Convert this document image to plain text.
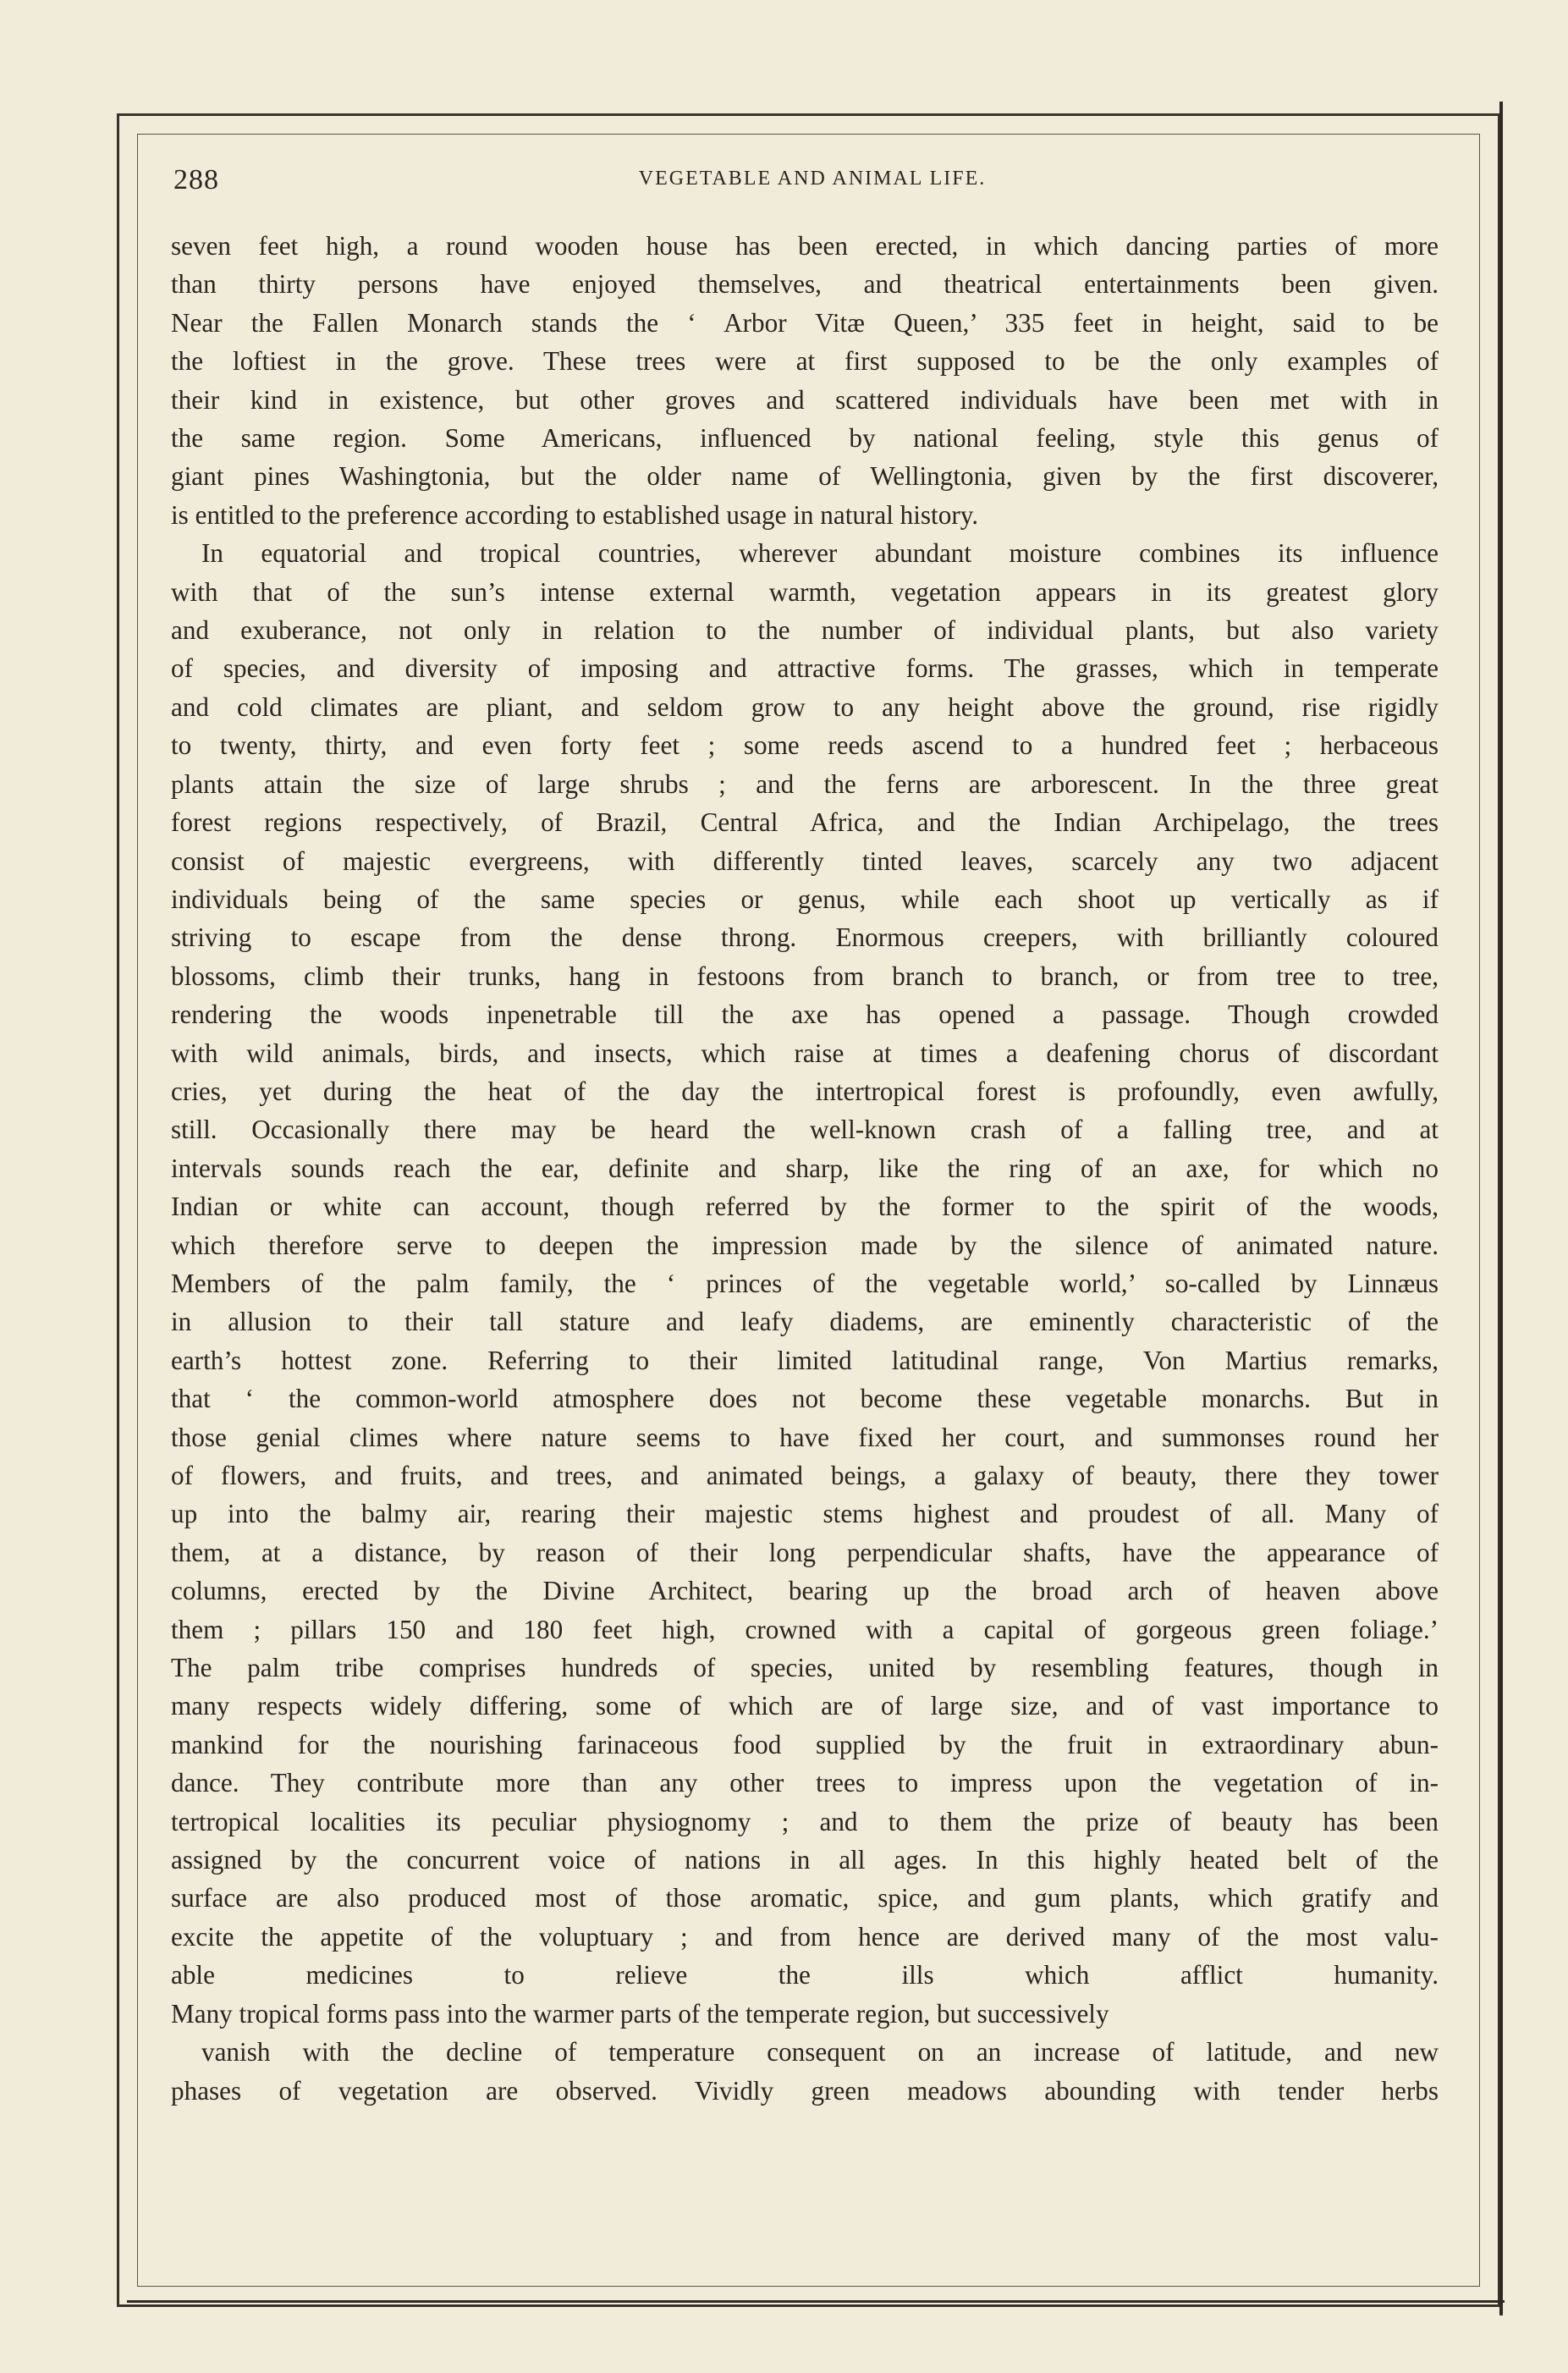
288	VEGETABLE AND ANIMAL LIFE.
seven feet high, a round wooden house has been erected, in which dancing parties of more
than thirty persons have enjoyed themselves, and theatrical entertainments been given.
Near the Fallen Monarch stands the ‘ Arbor Vitæ Queen,’ 335 feet in height, said to be
the loftiest in the grove. These trees were at first supposed to be the only examples of
their kind in existence, but other groves and scattered individuals have been met with in
the same region. Some Americans, influenced by national feeling, style this genus of
giant pines Washingtonia, but the older name of Wellingtonia, given by the first discoverer,
is entitled to the preference according to established usage in natural history.
In equatorial and tropical countries, wherever abundant moisture combines its influence
with that of the sun’s intense external warmth, vegetation appears in its greatest glory
and exuberance, not only in relation to the number of individual plants, but also variety
of species, and diversity of imposing and attractive forms. The grasses, which in temperate
and cold climates are pliant, and seldom grow to any height above the ground, rise rigidly
to twenty, thirty, and even forty feet ; some reeds ascend to a hundred feet ; herbaceous
plants attain the size of large shrubs ; and the ferns are arborescent. In the three great
forest regions respectively, of Brazil, Central Africa, and the Indian Archipelago, the trees
consist of majestic evergreens, with differently tinted leaves, scarcely any two adjacent
individuals being of the same species or genus, while each shoot up vertically as if
striving to escape from the dense throng. Enormous creepers, with brilliantly coloured
blossoms, climb their trunks, hang in festoons from branch to branch, or from tree to tree,
rendering the woods inpenetrable till the axe has opened a passage. Though crowded
with wild animals, birds, and insects, which raise at times a deafening chorus of discordant
cries, yet during the heat of the day the intertropical forest is profoundly, even awfully,
still. Occasionally there may be heard the well-known crash of a falling tree, and at
intervals sounds reach the ear, definite and sharp, like the ring of an axe, for which no
Indian or white can account, though referred by the former to the spirit of the woods,
which therefore serve to deepen the impression made by the silence of animated nature.
Members of the palm family, the ‘ princes of the vegetable world,’ so-called by Linnæus
in allusion to their tall stature and leafy diadems, are eminently characteristic of the
earth’s hottest zone. Referring to their limited latitudinal range, Von Martius remarks,
that ‘ the common-world atmosphere does not become these vegetable monarchs. But in
those genial climes where nature seems to have fixed her court, and summonses round her
of flowers, and fruits, and trees, and animated beings, a galaxy of beauty, there they tower
up into the balmy air, rearing their majestic stems highest and proudest of all. Many of
them, at a distance, by reason of their long perpendicular shafts, have the appearance of
columns, erected by the Divine Architect, bearing up the broad arch of heaven above
them ; pillars 150 and 180 feet high, crowned with a capital of gorgeous green foliage.’
The palm tribe comprises hundreds of species, united by resembling features, though in
many respects widely differing, some of which are of large size, and of vast importance to
mankind for the nourishing farinaceous food supplied by the fruit in extraordinary abun-
dance. They contribute more than any other trees to impress upon the vegetation of in-
tertropical localities its peculiar physiognomy ; and to them the prize of beauty has been
assigned by the concurrent voice of nations in all ages. In this highly heated belt of the
surface are also produced most of those aromatic, spice, and gum plants, which gratify and
excite the appetite of the voluptuary ; and from hence are derived many of the most valu-
able medicines to relieve the ills which afflict humanity.
Many tropical forms pass into the warmer parts of the temperate region, but successively
vanish with the decline of temperature consequent on an increase of latitude, and new
phases of vegetation are observed. Vividly green meadows abounding with tender herbs
